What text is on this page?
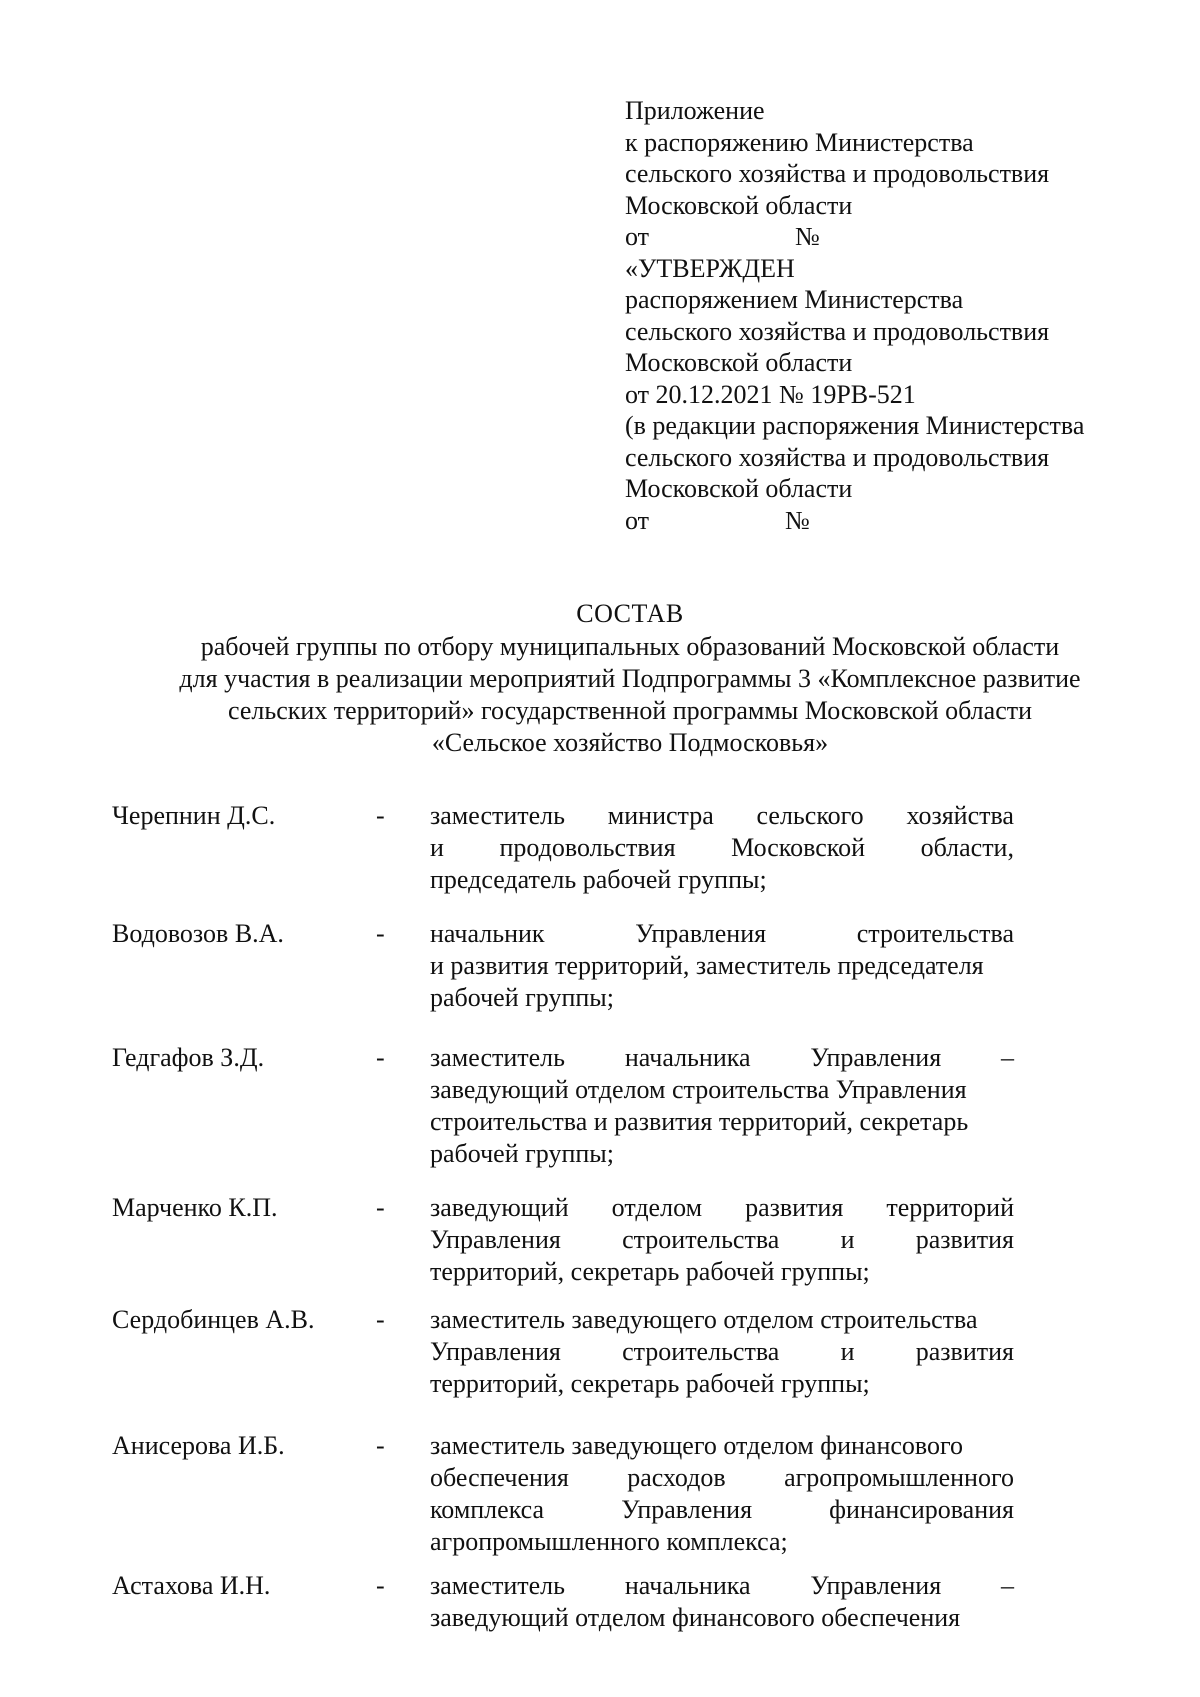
Приложение
к распоряжению Министерства
сельского хозяйства и продовольствия
Московской области
от	№
«УТВЕРЖДЕН
распоряжением Министерства
сельского хозяйства и продовольствия
Московской области
от 20.12.2021 № 19РВ-521
(в редакции распоряжения Министерства
сельского хозяйства и продовольствия
Московской области
от	№
СОСТАВ
рабочей группы по отбору муниципальных образований Московской области
для участия в реализации мероприятий Подпрограммы 3 «Комплексное развитие
сельских территорий» государственной программы Московской области
«Сельское хозяйство Подмосковья»
Черепнин Д.С.	- заместитель министра сельского хозяйства
и продовольствия Московской области,
председатель рабочей группы;
Водовозов В.А.	- начальник	Управления	строительства
и развития территорий, заместитель председателя
рабочей группы;
Гедгафов З.Д.	- заместитель начальника Управления –
заведующий отделом строительства Управления
строительства и развития территорий, секретарь
рабочей группы;
Марченко К.П.	- заведующий отделом развития территорий
Управления строительства и развития
территорий, секретарь рабочей группы;
Сердобинцев А.В. - заместитель заведующего отделом строительства
Управления строительства и развития
территорий, секретарь рабочей группы;
Анисерова И.Б.	- заместитель заведующего отделом финансового
обеспечения расходов агропромышленного
комплекса	Управления	финансирования
агропромышленного комплекса;
Астахова И.Н.	- заместитель начальника Управления –
заведующий отделом финансового обеспечения
